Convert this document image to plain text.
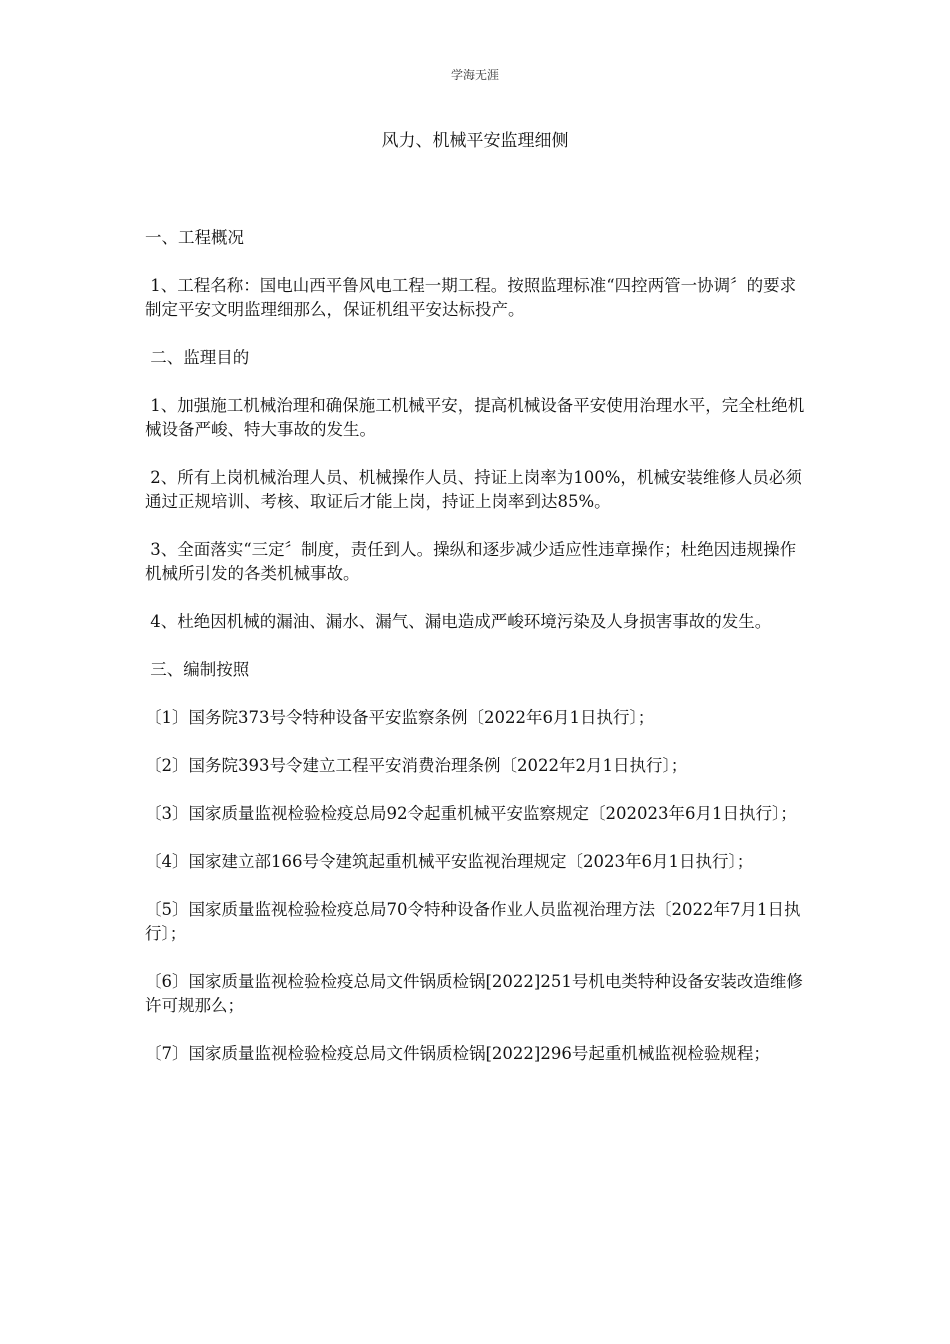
学海无涯
风力、机械平安监理细侧

一、工程概况

1、工程名称：国电山西平鲁风电工程一期工程。按照监理标准“四控两管一协调〞的要求制定平安文明监理细那么，保证机组平安达标投产。

二、监理目的

1、加强施工机械治理和确保施工机械平安，提高机械设备平安使用治理水平，完全杜绝机械设备严峻、特大事故的发生。

2、所有上岗机械治理人员、机械操作人员、持证上岗率为100%，机械安装维修人员必须通过正规培训、考核、取证后才能上岗，持证上岗率到达85%。

3、全面落实“三定〞制度，责任到人。操纵和逐步减少适应性违章操作；杜绝因违规操作机械所引发的各类机械事故。

4、杜绝因机械的漏油、漏水、漏气、漏电造成严峻环境污染及人身损害事故的发生。

三、编制按照

〔1〕国务院373号令特种设备平安监察条例〔2022年6月1日执行〕；

〔2〕国务院393号令建立工程平安消费治理条例〔2022年2月1日执行〕；

〔3〕国家质量监视检验检疫总局92令起重机械平安监察规定〔202023年6月1日执行〕；

〔4〕国家建立部166号令建筑起重机械平安监视治理规定〔2023年6月1日执行〕；

〔5〕国家质量监视检验检疫总局70令特种设备作业人员监视治理方法〔2022年7月1日执行〕；

〔6〕国家质量监视检验检疫总局文件锅质检锅[2022]251号机电类特种设备安装改造维修许可规那么；

〔7〕国家质量监视检验检疫总局文件锅质检锅[2022]296号起重机械监视检验规程；
